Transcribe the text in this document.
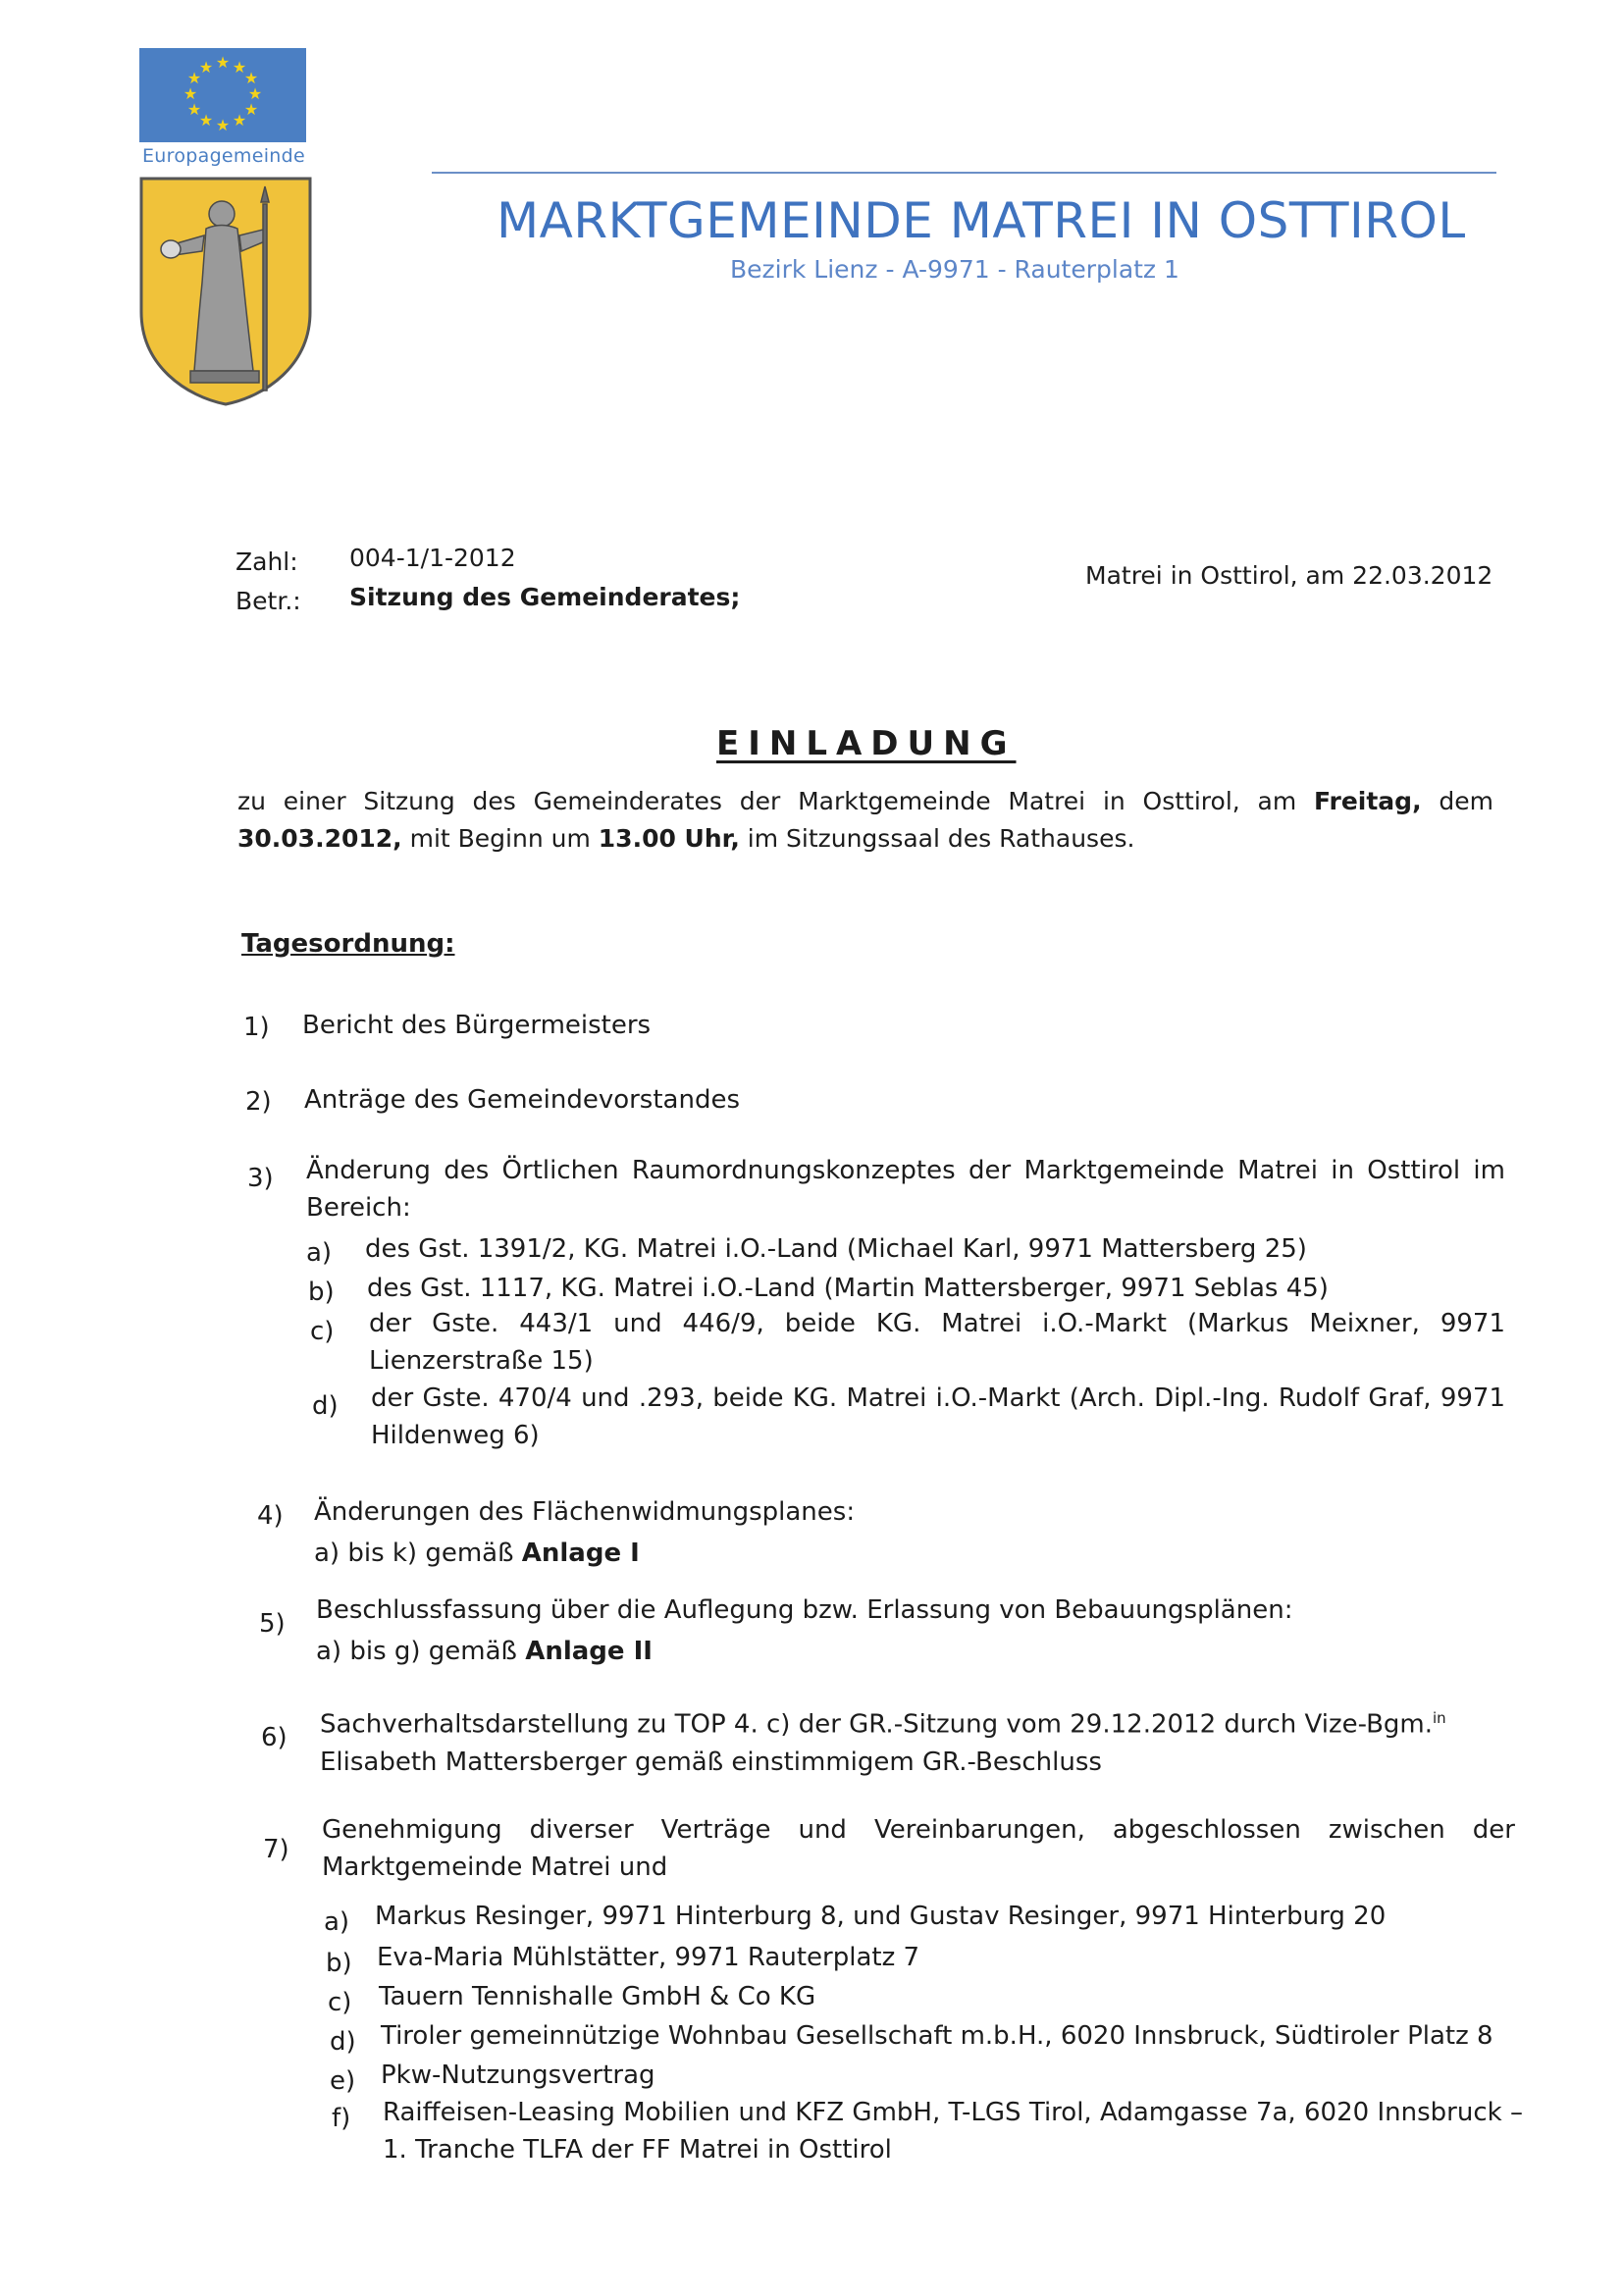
★ ★
★
★
★
★
★
★
★
★
★
★
Europagemeinde
MARKTGEMEINDE MATREI IN OSTTIROL
Bezirk Lienz - A-9971 - Rauterplatz 1
Zahl: 004-1/1-2012
Betr.: Sitzung des Gemeinderates;
Matrei in Osttirol, am 22.03.2012
EINLADUNG

zu einer Sitzung des Gemeinderates der Marktgemeinde Matrei in Osttirol, am Freitag, dem

30.03.2012, mit Beginn um 13.00 Uhr, im Sitzungssaal des Rathauses.

Tagesordnung:
1) Bericht des Bürgermeisters
2) Anträge des Gemeindevorstandes
3) Änderung des Örtlichen Raumordnungskonzeptes der Marktgemeinde Matrei in Osttirol im Bereich:
a) des Gst. 1391/2, KG. Matrei i.O.-Land (Michael Karl, 9971 Mattersberg 25)
b) des Gst. 1117, KG. Matrei i.O.-Land (Martin Mattersberger, 9971 Seblas 45)
c) der Gste. 443/1 und 446/9, beide KG. Matrei i.O.-Markt (Markus Meixner, 9971 Lienzerstraße 15)
d) der Gste. 470/4 und .293, beide KG. Matrei i.O.-Markt (Arch. Dipl.-Ing. Rudolf Graf, 9971 Hildenweg 6)
4) Änderungen des Flächenwidmungsplanes:
a) bis k) gemäß Anlage I
5) Beschlussfassung über die Auflegung bzw. Erlassung von Bebauungsplänen:
a) bis g) gemäß Anlage II
6) Sachverhaltsdarstellung zu TOP 4. c) der GR.-Sitzung vom 29.12.2012 durch Vize-Bgm.$^{in}$ Elisabeth Mattersberger gemäß einstimmigem GR.-Beschluss
7)
Genehmigung diverser Verträge und Vereinbarungen, abgeschlossen zwischen der Marktgemeinde Matrei und
a) Markus Resinger, 9971 Hinterburg 8, und Gustav Resinger, 9971 Hinterburg 20
b) Eva-Maria Mühlstätter, 9971 Rauterplatz 7
c) Tauern Tennishalle GmbH & Co KG
d) Tiroler gemeinnützige Wohnbau Gesellschaft m.b.H., 6020 Innsbruck, Südtiroler Platz 8
e) Pkw-Nutzungsvertrag
f) Raiffeisen-Leasing Mobilien und KFZ GmbH, T-LGS Tirol, Adamgasse 7a, 6020 Innsbruck – 1. Tranche TLFA der FF Matrei in Osttirol
